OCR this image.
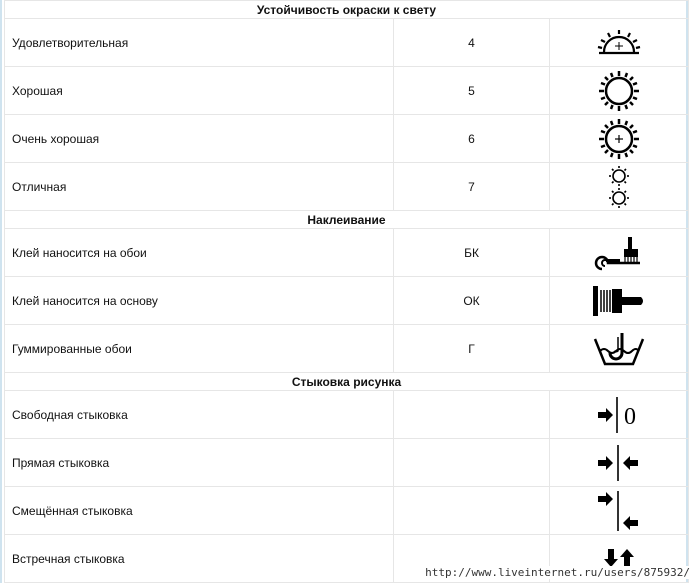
Устойчивость окраски к свету		
Удовлетворительная	4	

Хорошая	5	

Очень хорошая	6	

Отличная	7	

Наклеивание		
Клей наносится на обои	БК	

Клей наносится на основу	ОК	

Гуммированные обои	Г	

Стыковка рисунка		
Свободная стыковка		0

Прямая стыковка		

Смещённая стыковка		

Встречная стыковка		
http://www.liveinternet.ru/users/875932/
